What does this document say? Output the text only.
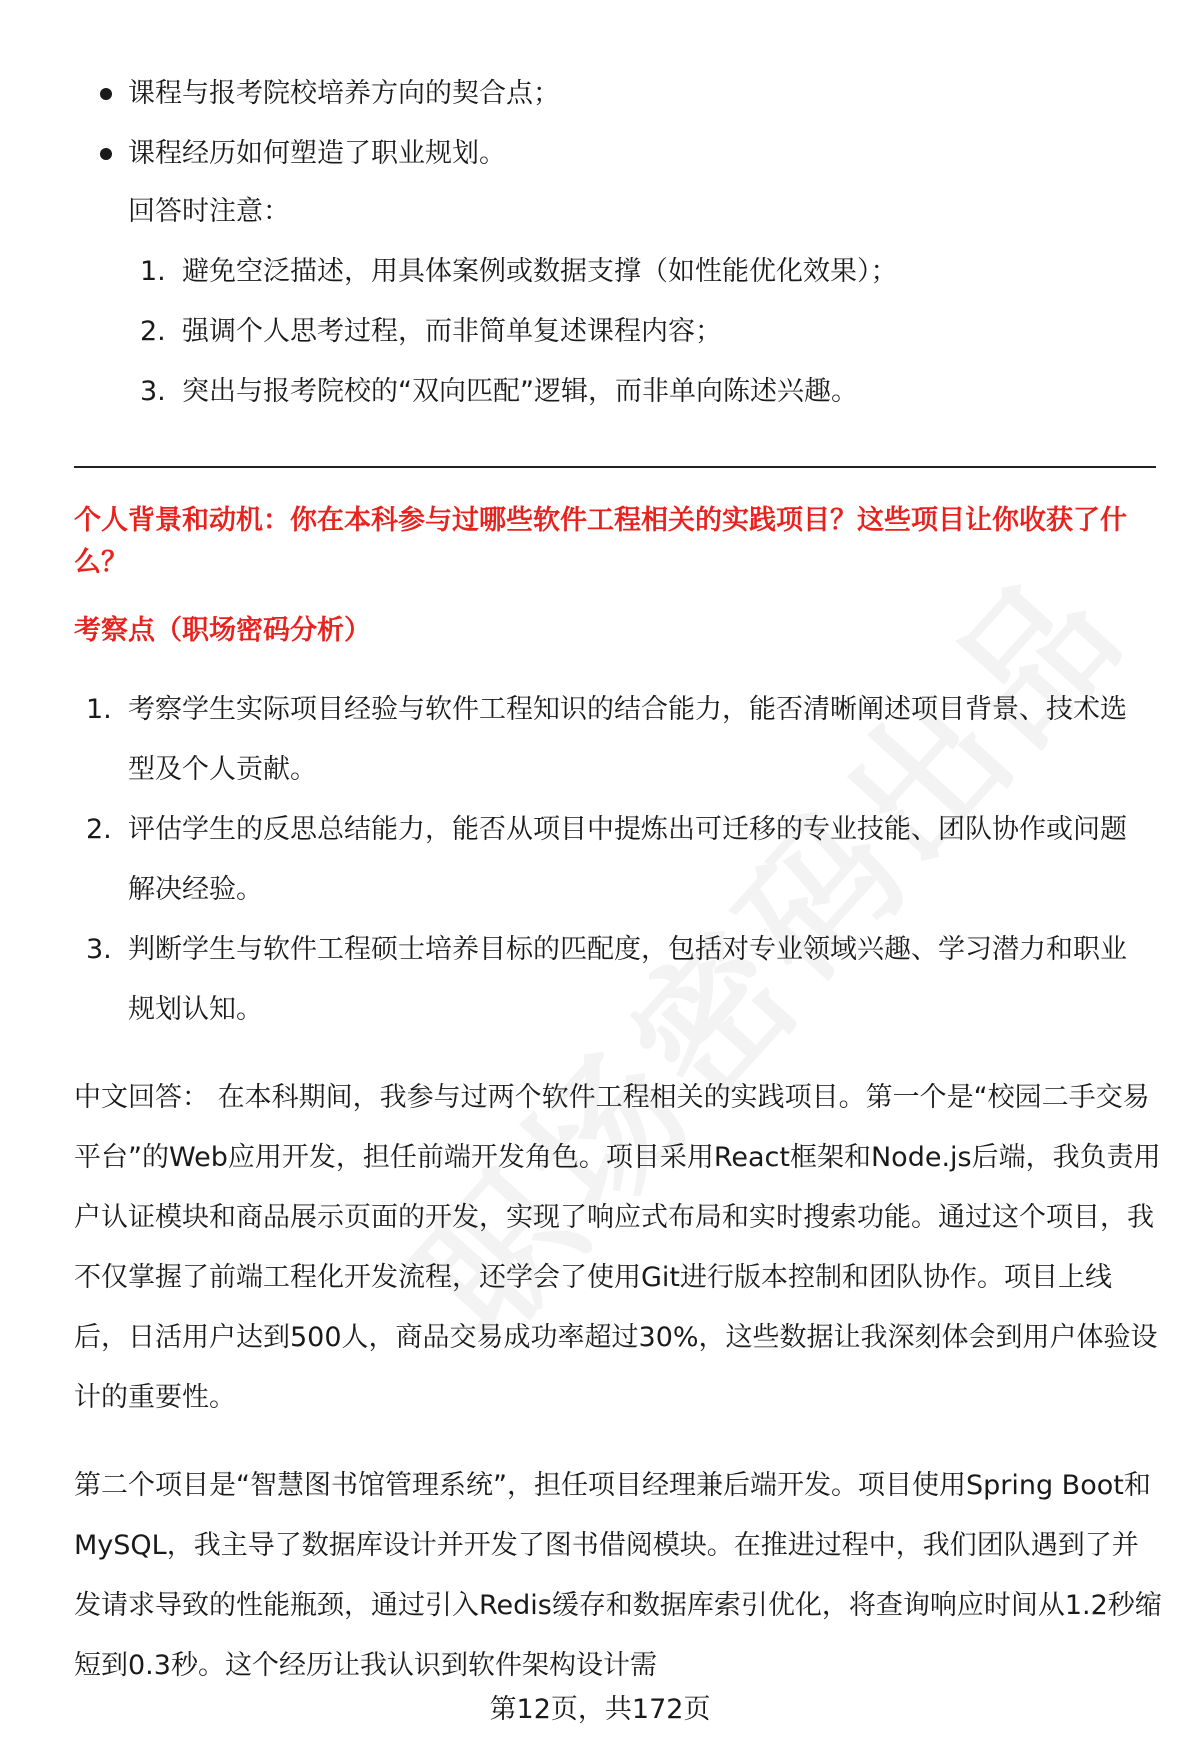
课程与报考院校培养方向的契合点；
课程经历如何塑造了职业规划。
回答时注意：
1. 避免空泛描述，用具体案例或数据支撑（如性能优化效果）；
2. 强调个人思考过程，而非简单复述课程内容；
3. 突出与报考院校的“双向匹配”逻辑，而非单向陈述兴趣。
个人背景和动机：你在本科参与过哪些软件工程相关的实践项目？这些项目让你收获了什么？
考察点（职场密码分析）
1. 考察学生实际项目经验与软件工程知识的结合能力，能否清晰阐述项目背景、技术选型及个人贡献。
2. 评估学生的反思总结能力，能否从项目中提炼出可迁移的专业技能、团队协作或问题解决经验。
3. 判断学生与软件工程硕士培养目标的匹配度，包括对专业领域兴趣、学习潜力和职业规划认知。

中文回答： 在本科期间，我参与过两个软件工程相关的实践项目。第一个是“校园二手交易平台”的Web应用开发，担任前端开发角色。项目采用React框架和Node.js后端，我负责用户认证模块和商品展示页面的开发，实现了响应式布局和实时搜索功能。通过这个项目，我不仅掌握了前端工程化开发流程，还学会了使用Git进行版本控制和团队协作。项目上线后，日活用户达到500人，商品交易成功率超过30%，这些数据让我深刻体会到用户体验设计的重要性。

第二个项目是“智慧图书馆管理系统”，担任项目经理兼后端开发。项目使用Spring Boot和MySQL，我主导了数据库设计并开发了图书借阅模块。在推进过程中，我们团队遇到了并发请求导致的性能瓶颈，通过引入Redis缓存和数据库索引优化，将查询响应时间从1.2秒缩短到0.3秒。这个经历让我认识到软件架构设计需

第12页，共172页
